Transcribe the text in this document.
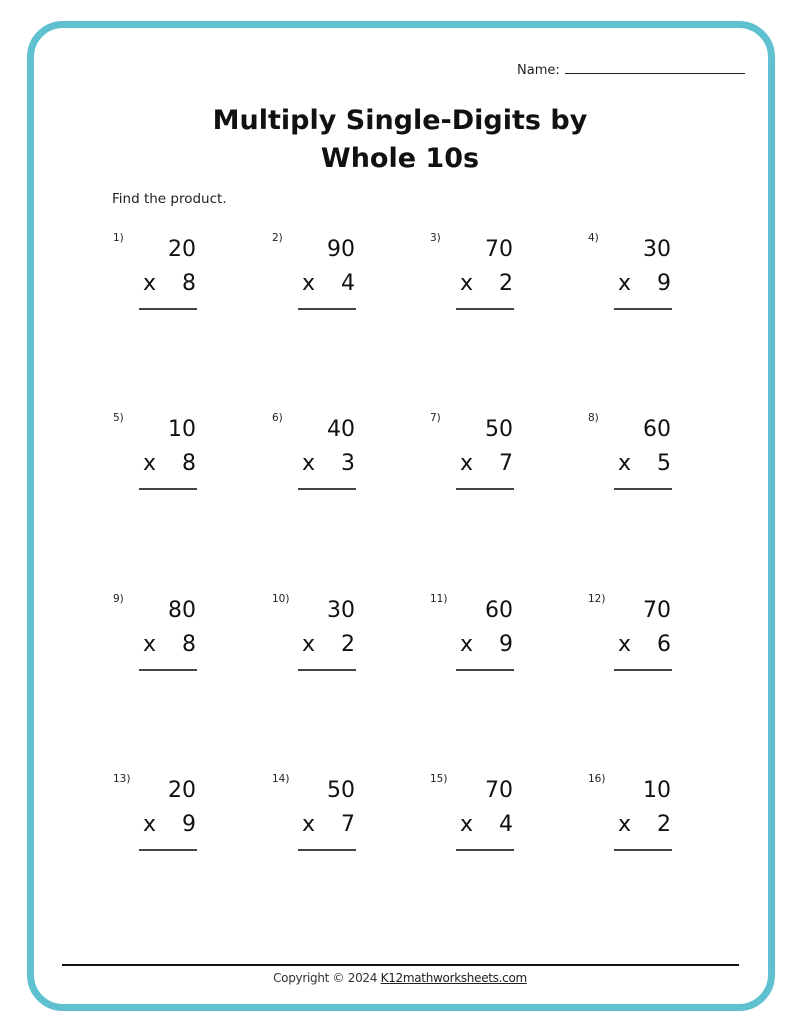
Name:
Multiply Single-Digits by
Whole 10s
Find the product.
1)	20
x	8
2)	90
x	4
3)	70
x	2
4)	30
x	9
5)	10
x	8
6)	40
x	3
7)	50
x	7
8)	60
x	5
9)	80
x	8
10)	30
x	2
11)	60
x	9
12)	70
x	6
13)	20
x	9
14)	50
x	7
15)	70
x	4
16)	10
x	2
Copyright © 2024 K12mathworksheets.com
